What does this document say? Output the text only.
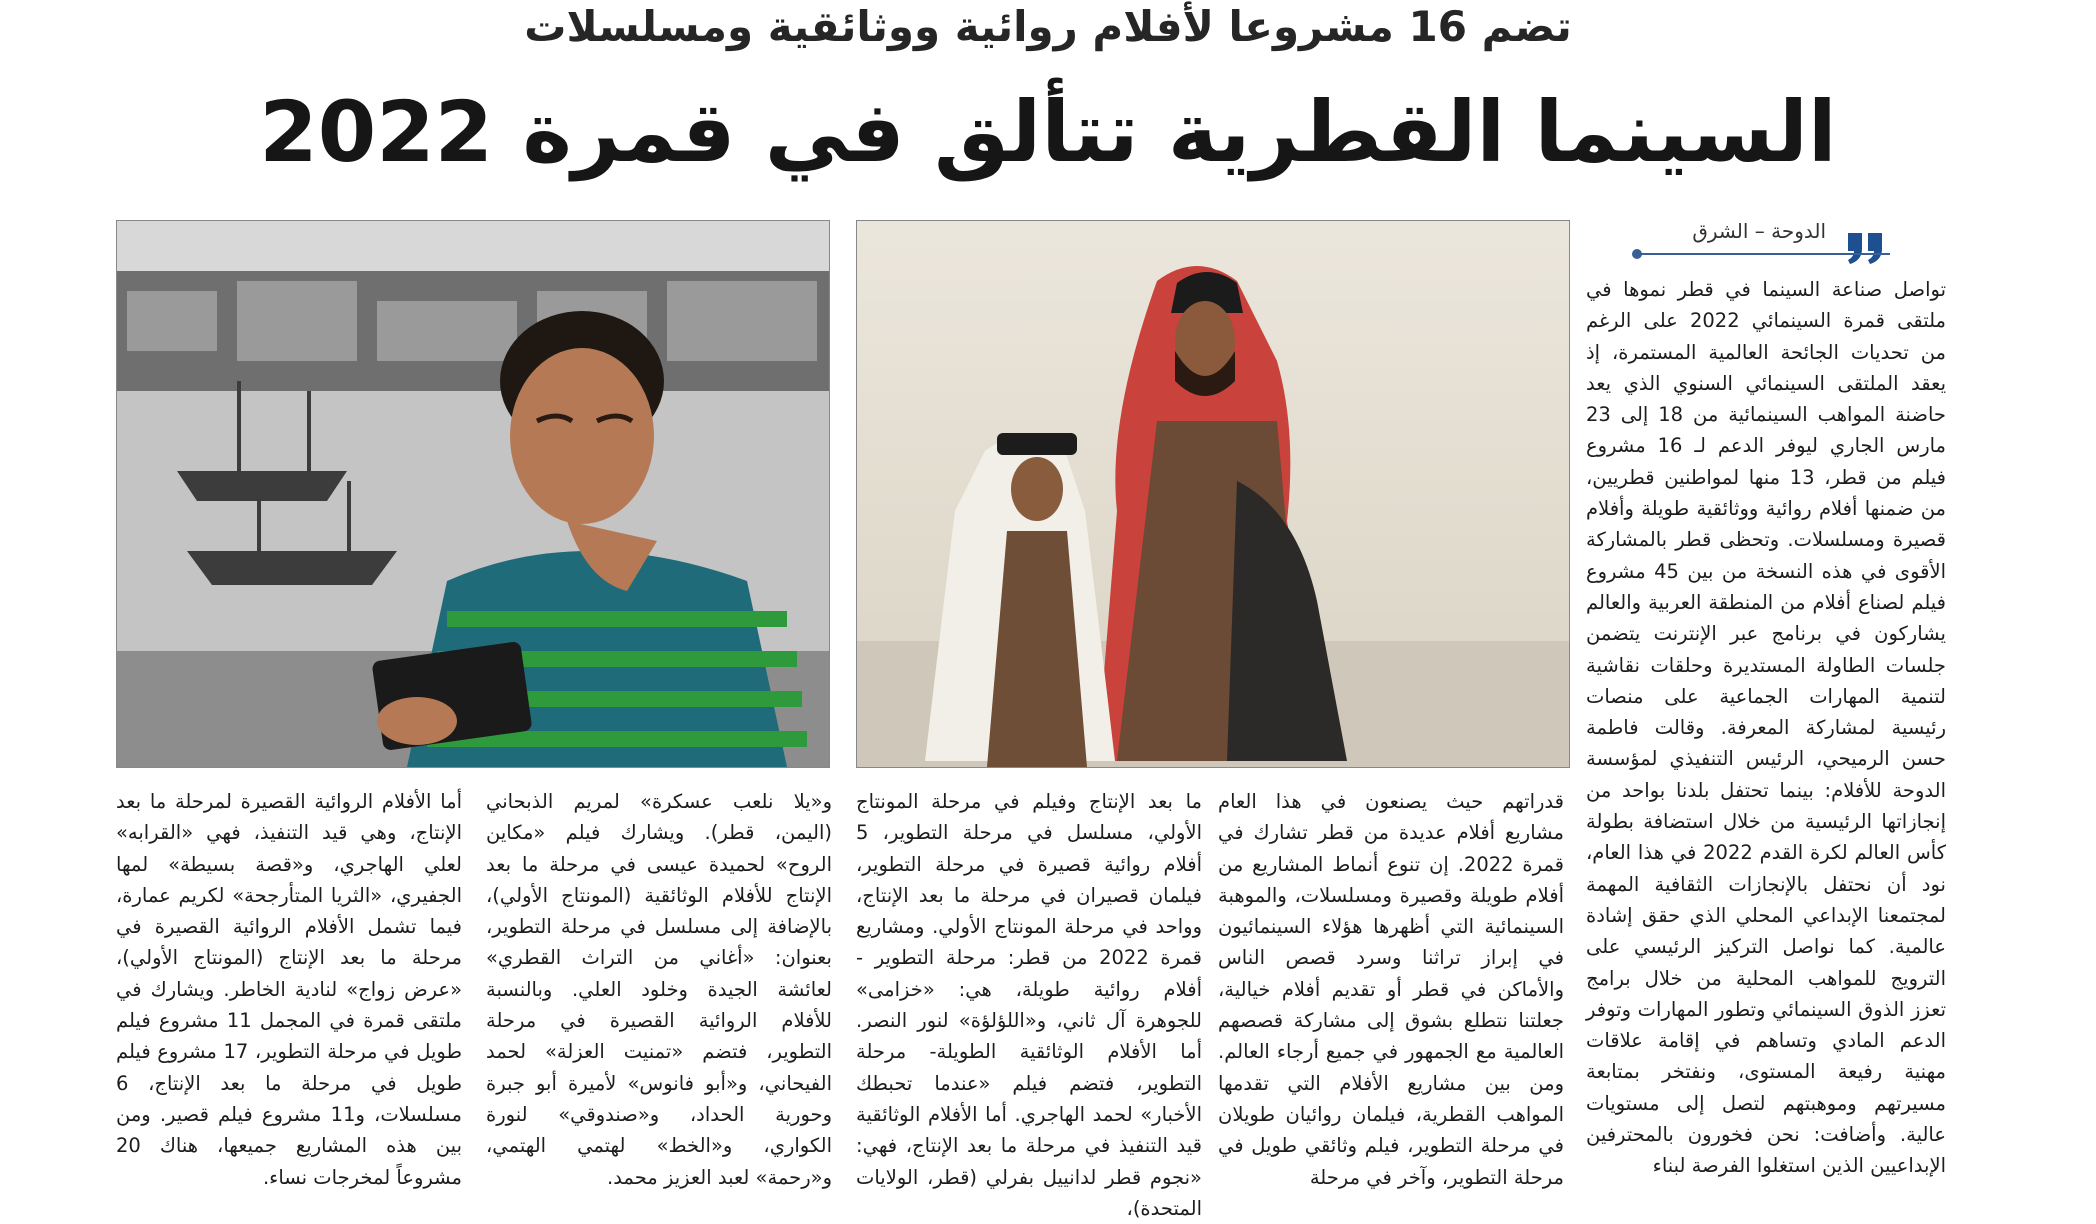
تضم 16 مشروعا لأفلام روائية ووثائقية ومسلسلات
السينما القطرية تتألق في قمرة 2022
الدوحة – الشرق

تواصل صناعة السينما في قطر نموها في ملتقى قمرة السينمائي 2022 على الرغم من تحديات الجائحة العالمية المستمرة، إذ يعقد الملتقى السينمائي السنوي الذي يعد حاضنة المواهب السينمائية من 18 إلى 23 مارس الجاري ليوفر الدعم لـ 16 مشروع فيلم من قطر، 13 منها لمواطنين قطريين، من ضمنها أفلام روائية ووثائقية طويلة وأفلام قصيرة ومسلسلات. وتحظى قطر بالمشاركة الأقوى في هذه النسخة من بين 45 مشروع فيلم لصناع أفلام من المنطقة العربية والعالم يشاركون في برنامج عبر الإنترنت يتضمن جلسات الطاولة المستديرة وحلقات نقاشية لتنمية المهارات الجماعية على منصات رئيسية لمشاركة المعرفة. وقالت فاطمة حسن الرميحي، الرئيس التنفيذي لمؤسسة الدوحة للأفلام: بينما تحتفل بلدنا بواحد من إنجازاتها الرئيسية من خلال استضافة بطولة كأس العالم لكرة القدم 2022 في هذا العام، نود أن نحتفل بالإنجازات الثقافية المهمة لمجتمعنا الإبداعي المحلي الذي حقق إشادة عالمية. كما نواصل التركيز الرئيسي على الترويج للمواهب المحلية من خلال برامج تعزز الذوق السينمائي وتطور المهارات وتوفر الدعم المادي وتساهم في إقامة علاقات مهنية رفيعة المستوى، ونفتخر بمتابعة مسيرتهم وموهبتهم لتصل إلى مستويات عالية. وأضافت: نحن فخورون بالمحترفين الإبداعيين الذين استغلوا الفرصة لبناء

قدراتهم حيث يصنعون في هذا العام مشاريع أفلام عديدة من قطر تشارك في قمرة 2022. إن تنوع أنماط المشاريع من أفلام طويلة وقصيرة ومسلسلات، والموهبة السينمائية التي أظهرها هؤلاء السينمائيون في إبراز تراثنا وسرد قصص الناس والأماكن في قطر أو تقديم أفلام خيالية، جعلتنا نتطلع بشوق إلى مشاركة قصصهم العالمية مع الجمهور في جميع أرجاء العالم. ومن بين مشاريع الأفلام التي تقدمها المواهب القطرية، فيلمان روائيان طويلان في مرحلة التطوير، فيلم وثائقي طويل في مرحلة التطوير، وآخر في مرحلة

ما بعد الإنتاج وفيلم في مرحلة المونتاج الأولي، مسلسل في مرحلة التطوير، 5 أفلام روائية قصيرة في مرحلة التطوير، فيلمان قصيران في مرحلة ما بعد الإنتاج، وواحد في مرحلة المونتاج الأولي. ومشاريع قمرة 2022 من قطر: مرحلة التطوير - أفلام روائية طويلة، هي: «خزامى» للجوهرة آل ثاني، و«اللؤلؤة» لنور النصر. أما الأفلام الوثائقية الطويلة- مرحلة التطوير، فتضم فيلم «عندما تحبطك الأخبار» لحمد الهاجري. أما الأفلام الوثائقية قيد التنفيذ في مرحلة ما بعد الإنتاج، فهي: «نجوم قطر لدانييل بفرلي (قطر، الولايات المتحدة)،

و«يلا نلعب عسكرة» لمريم الذبحاني (اليمن، قطر). ويشارك فيلم «مكاين الروح» لحميدة عيسى في مرحلة ما بعد الإنتاج للأفلام الوثائقية (المونتاج الأولي)، بالإضافة إلى مسلسل في مرحلة التطوير، بعنوان: «أغاني من التراث القطري» لعائشة الجيدة وخلود العلي. وبالنسبة للأفلام الروائية القصيرة في مرحلة التطوير، فتضم «تمنيت العزلة» لحمد الفيحاني، و«أبو فانوس» لأميرة أبو جبرة وحورية الحداد، و«صندوقي» لنورة الكواري، و«الخط» لهتمي الهتمي، و«رحمة» لعبد العزيز محمد.

أما الأفلام الروائية القصيرة لمرحلة ما بعد الإنتاج، وهي قيد التنفيذ، فهي «القرابه» لعلي الهاجري، و«قصة بسيطة» لمها الجفيري، «الثريا المتأرجحة» لكريم عمارة، فيما تشمل الأفلام الروائية القصيرة في مرحلة ما بعد الإنتاج (المونتاج الأولي)، «عرض زواج» لنادية الخاطر. ويشارك في ملتقى قمرة في المجمل 11 مشروع فيلم طويل في مرحلة التطوير، 17 مشروع فيلم طويل في مرحلة ما بعد الإنتاج، 6 مسلسلات، و11 مشروع فيلم قصير. ومن بين هذه المشاريع جميعها، هناك 20 مشروعاً لمخرجات نساء.
